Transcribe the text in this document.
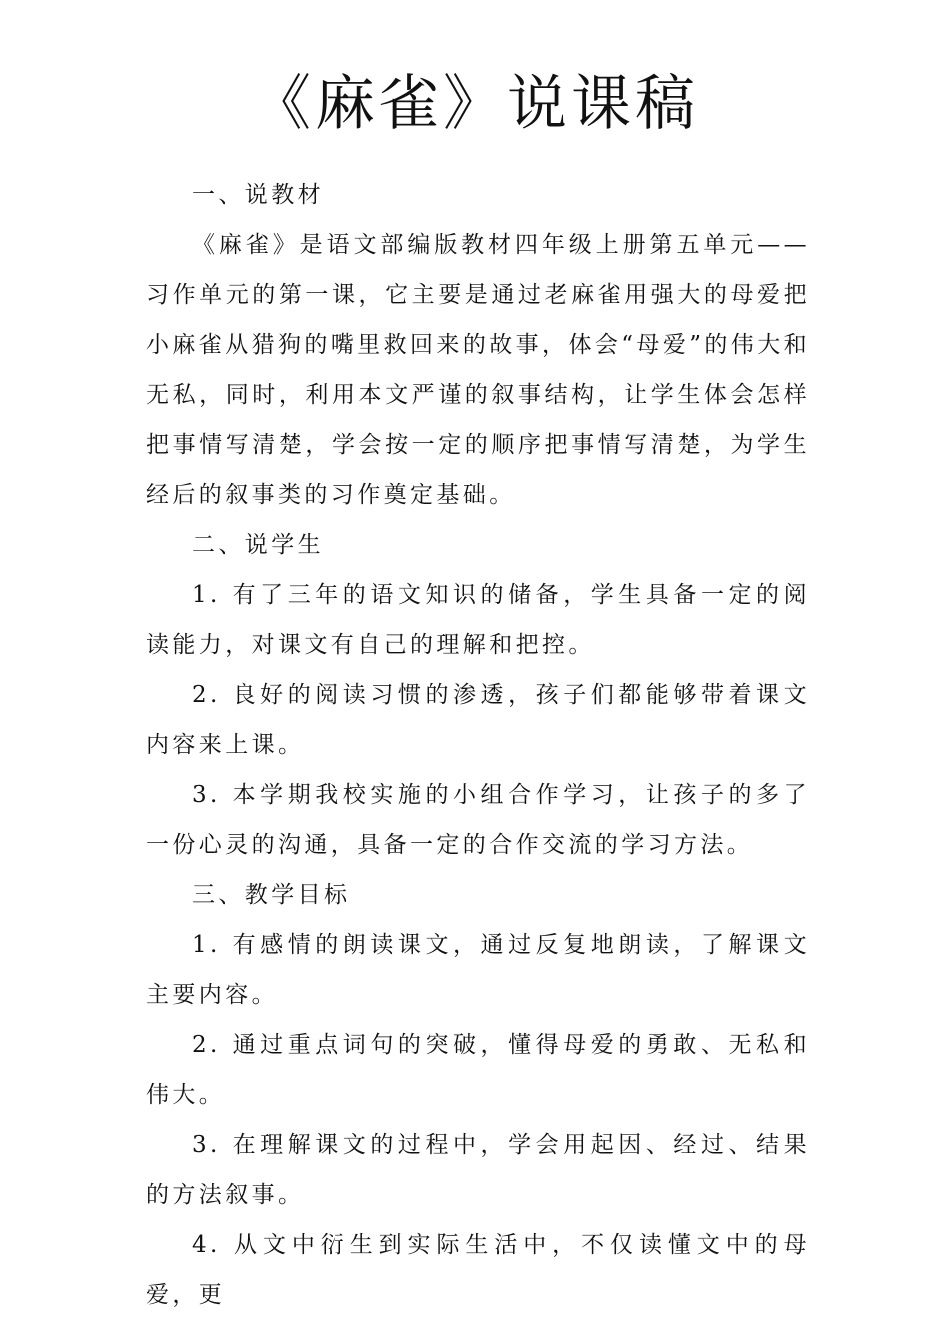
《麻雀》说课稿

一、说教材

《麻雀》是语文部编版教材四年级上册第五单元——习作单元的第一课，它主要是通过老麻雀用强大的母爱把小麻雀从猎狗的嘴里救回来的故事，体会“母爱”的伟大和无私，同时，利用本文严谨的叙事结构，让学生体会怎样把事情写清楚，学会按一定的顺序把事情写清楚，为学生经后的叙事类的习作奠定基础。

二、说学生

1. 有了三年的语文知识的储备，学生具备一定的阅读能力，对课文有自己的理解和把控。

2. 良好的阅读习惯的渗透，孩子们都能够带着课文内容来上课。

3. 本学期我校实施的小组合作学习，让孩子的多了一份心灵的沟通，具备一定的合作交流的学习方法。

三、教学目标

1. 有感情的朗读课文，通过反复地朗读，了解课文主要内容。

2. 通过重点词句的突破，懂得母爱的勇敢、无私和伟大。

3. 在理解课文的过程中，学会用起因、经过、结果的方法叙事。

4. 从文中衍生到实际生活中，不仅读懂文中的母爱，更
